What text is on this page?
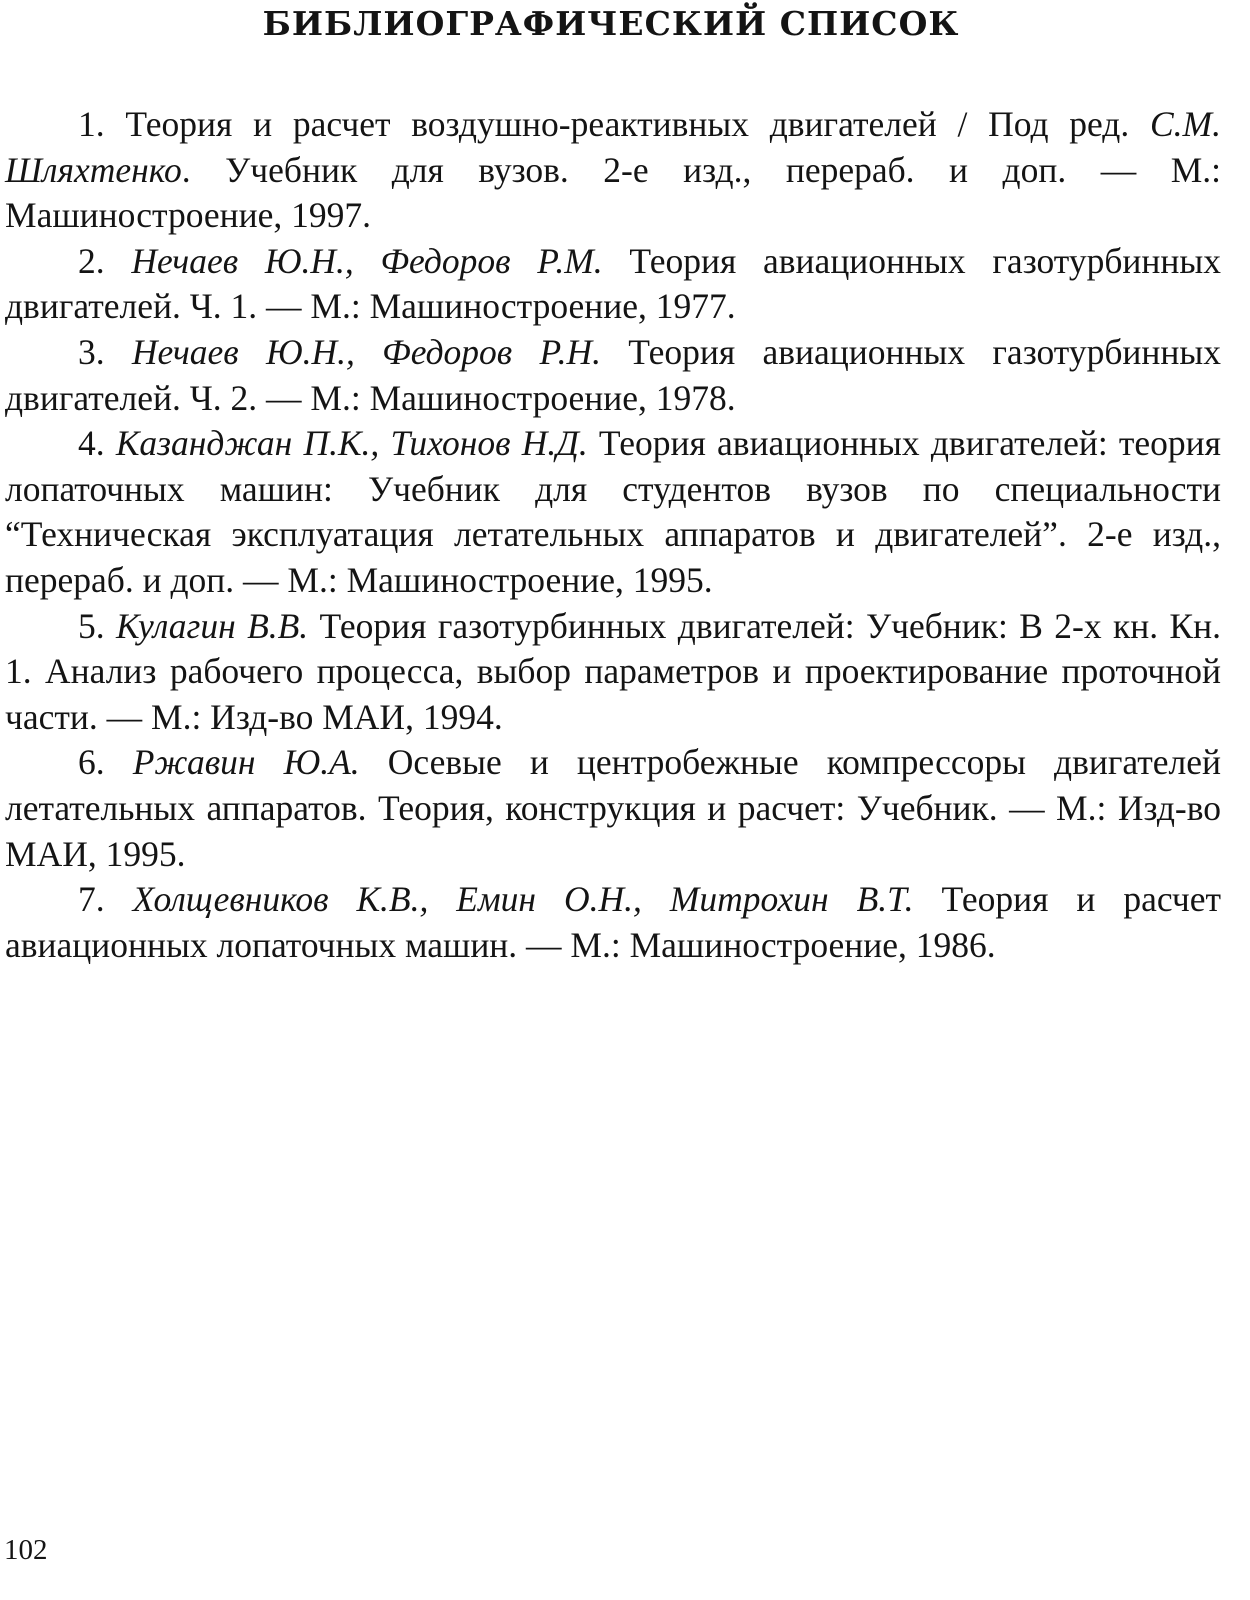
БИБЛИОГРАФИЧЕСКИЙ СПИСОК
1. Теория и расчет воздушно-реактивных двигателей / Под ред. С.М. Шляхтенко. Учебник для вузов. 2-е изд., перераб. и доп. — М.: Машиностроение, 1997.
2. Нечаев Ю.Н., Федоров Р.М. Теория авиационных газотурбинных двигателей. Ч. 1. — М.: Машиностроение, 1977.
3. Нечаев Ю.Н., Федоров Р.Н. Теория авиационных газотурбинных двигателей. Ч. 2. — М.: Машиностроение, 1978.
4. Казанджан П.К., Тихонов Н.Д. Теория авиационных двигателей: теория лопаточных машин: Учебник для студентов вузов по специальности “Техническая эксплуатация летательных аппаратов и двигателей”. 2-е изд., перераб. и доп. — М.: Машиностроение, 1995.
5. Кулагин В.В. Теория газотурбинных двигателей: Учебник: В 2-х кн. Кн. 1. Анализ рабочего процесса, выбор параметров и проектирование проточной части. — М.: Изд-во МАИ, 1994.
6. Ржавин Ю.А. Осевые и центробежные компрессоры двигателей летательных аппаратов. Теория, конструкция и расчет: Учебник. — М.: Изд-во МАИ, 1995.
7. Холщевников К.В., Емин О.Н., Митрохин В.Т. Теория и расчет авиационных лопаточных машин. — М.: Машиностроение, 1986.
102
